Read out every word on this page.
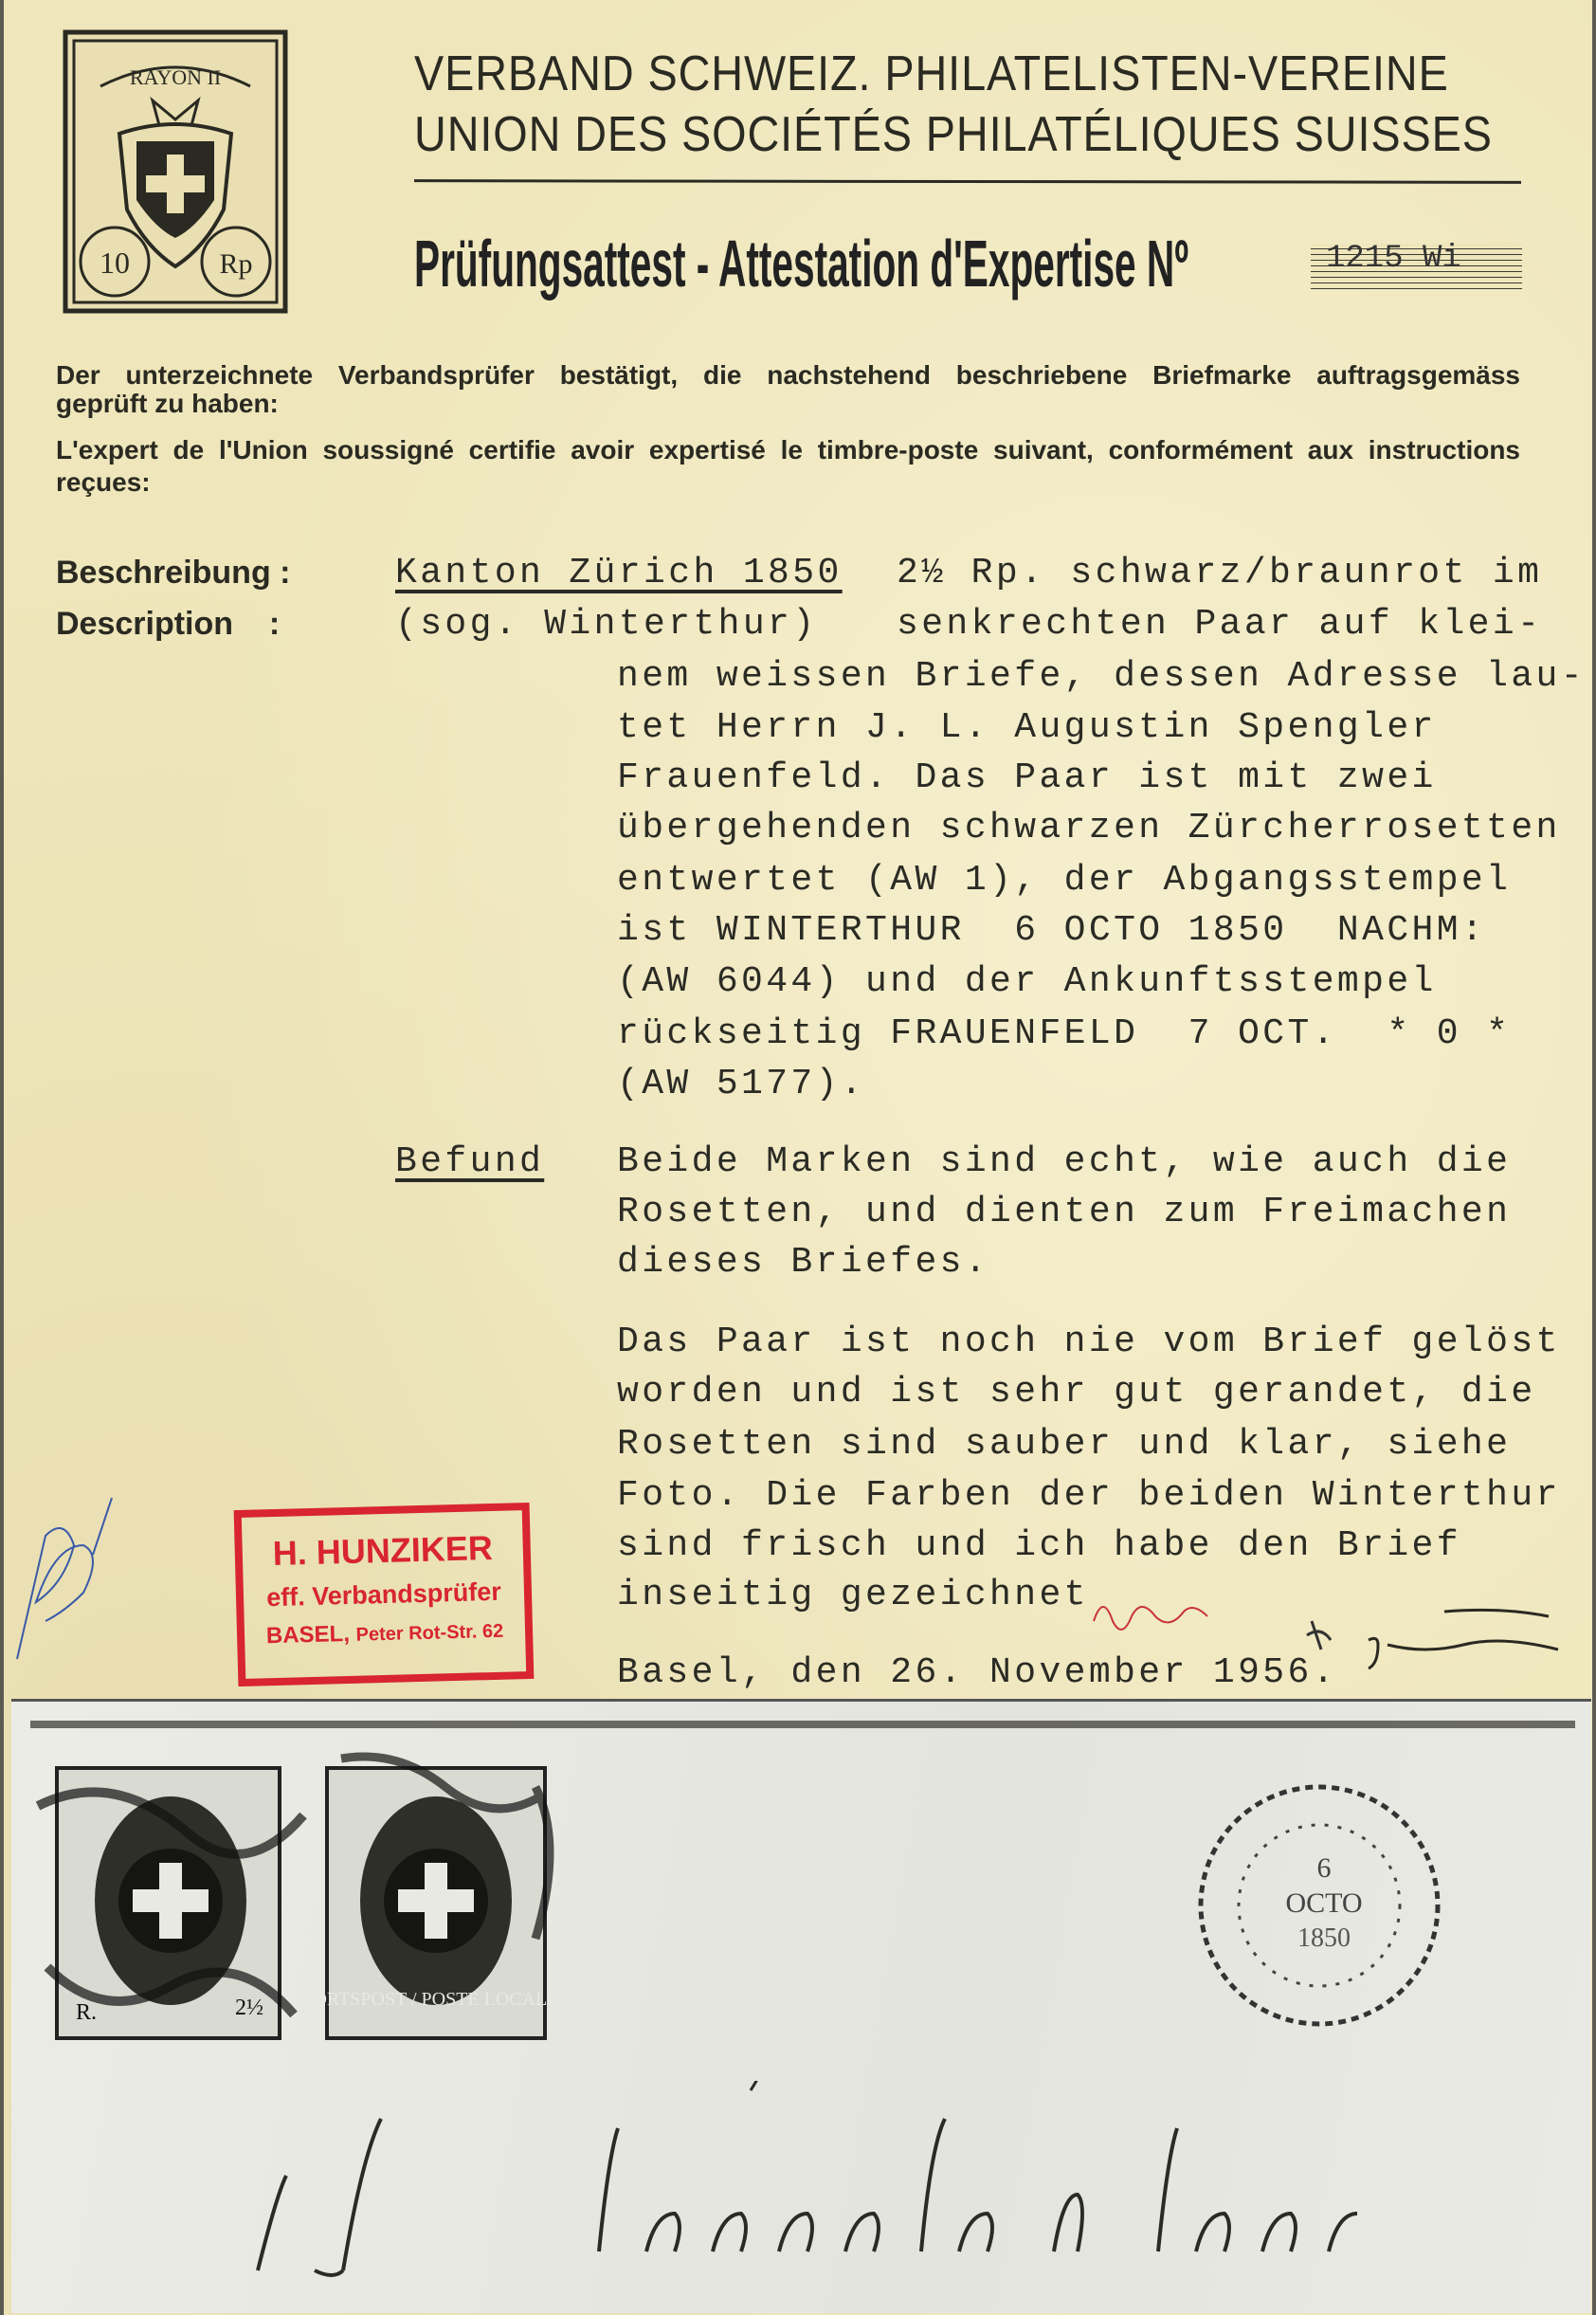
RAYON II
10	Rp
VERBAND SCHWEIZ. PHILATELISTEN-VEREINE
UNION DES SOCIÉTÉS PHILATÉLIQUES SUISSES
Prüfungsattest - Attestation d'Expertise Nº	1215 Wi
Der unterzeichnete Verbandsprüfer bestätigt, die nachstehend beschriebene Briefmarke auftragsgemäss
geprüft zu haben:
L'expert de l'Union soussigné certifie avoir expertisé le timbre-poste suivant, conformément aux instructions
reçues:
Beschreibung :
Description    :
Kanton Zürich 1850
(sog. Winterthur)
2½ Rp. schwarz/braunrot im
senkrechten Paar auf klei-
nem weissen Briefe, dessen Adresse lau-
tet Herrn J. L. Augustin Spengler
Frauenfeld. Das Paar ist mit zwei
übergehenden schwarzen Zürcherrosetten
entwertet (AW 1), der Abgangsstempel
ist WINTERTHUR  6 OCTO 1850  NACHM:
(AW 6044) und der Ankunftsstempel
rückseitig FRAUENFELD  7 OCT.  * 0 *
(AW 5177).
Befund Beide Marken sind echt, wie auch die
Rosetten, und dienten zum Freimachen
dieses Briefes.
Das Paar ist noch nie vom Brief gelöst
worden und ist sehr gut gerandet, die
Rosetten sind sauber und klar, siehe
Foto. Die Farben der beiden Winterthur
sind frisch und ich habe den Brief
inseitig gezeichnet
Basel, den 26. November 1956.
H. HUNZIKER
eff. Verbandsprüfer
BASEL, Peter Rot-Str. 62
R.	2½	ORTSPOST / POSTE LOCALE
6
OCTO
1850
